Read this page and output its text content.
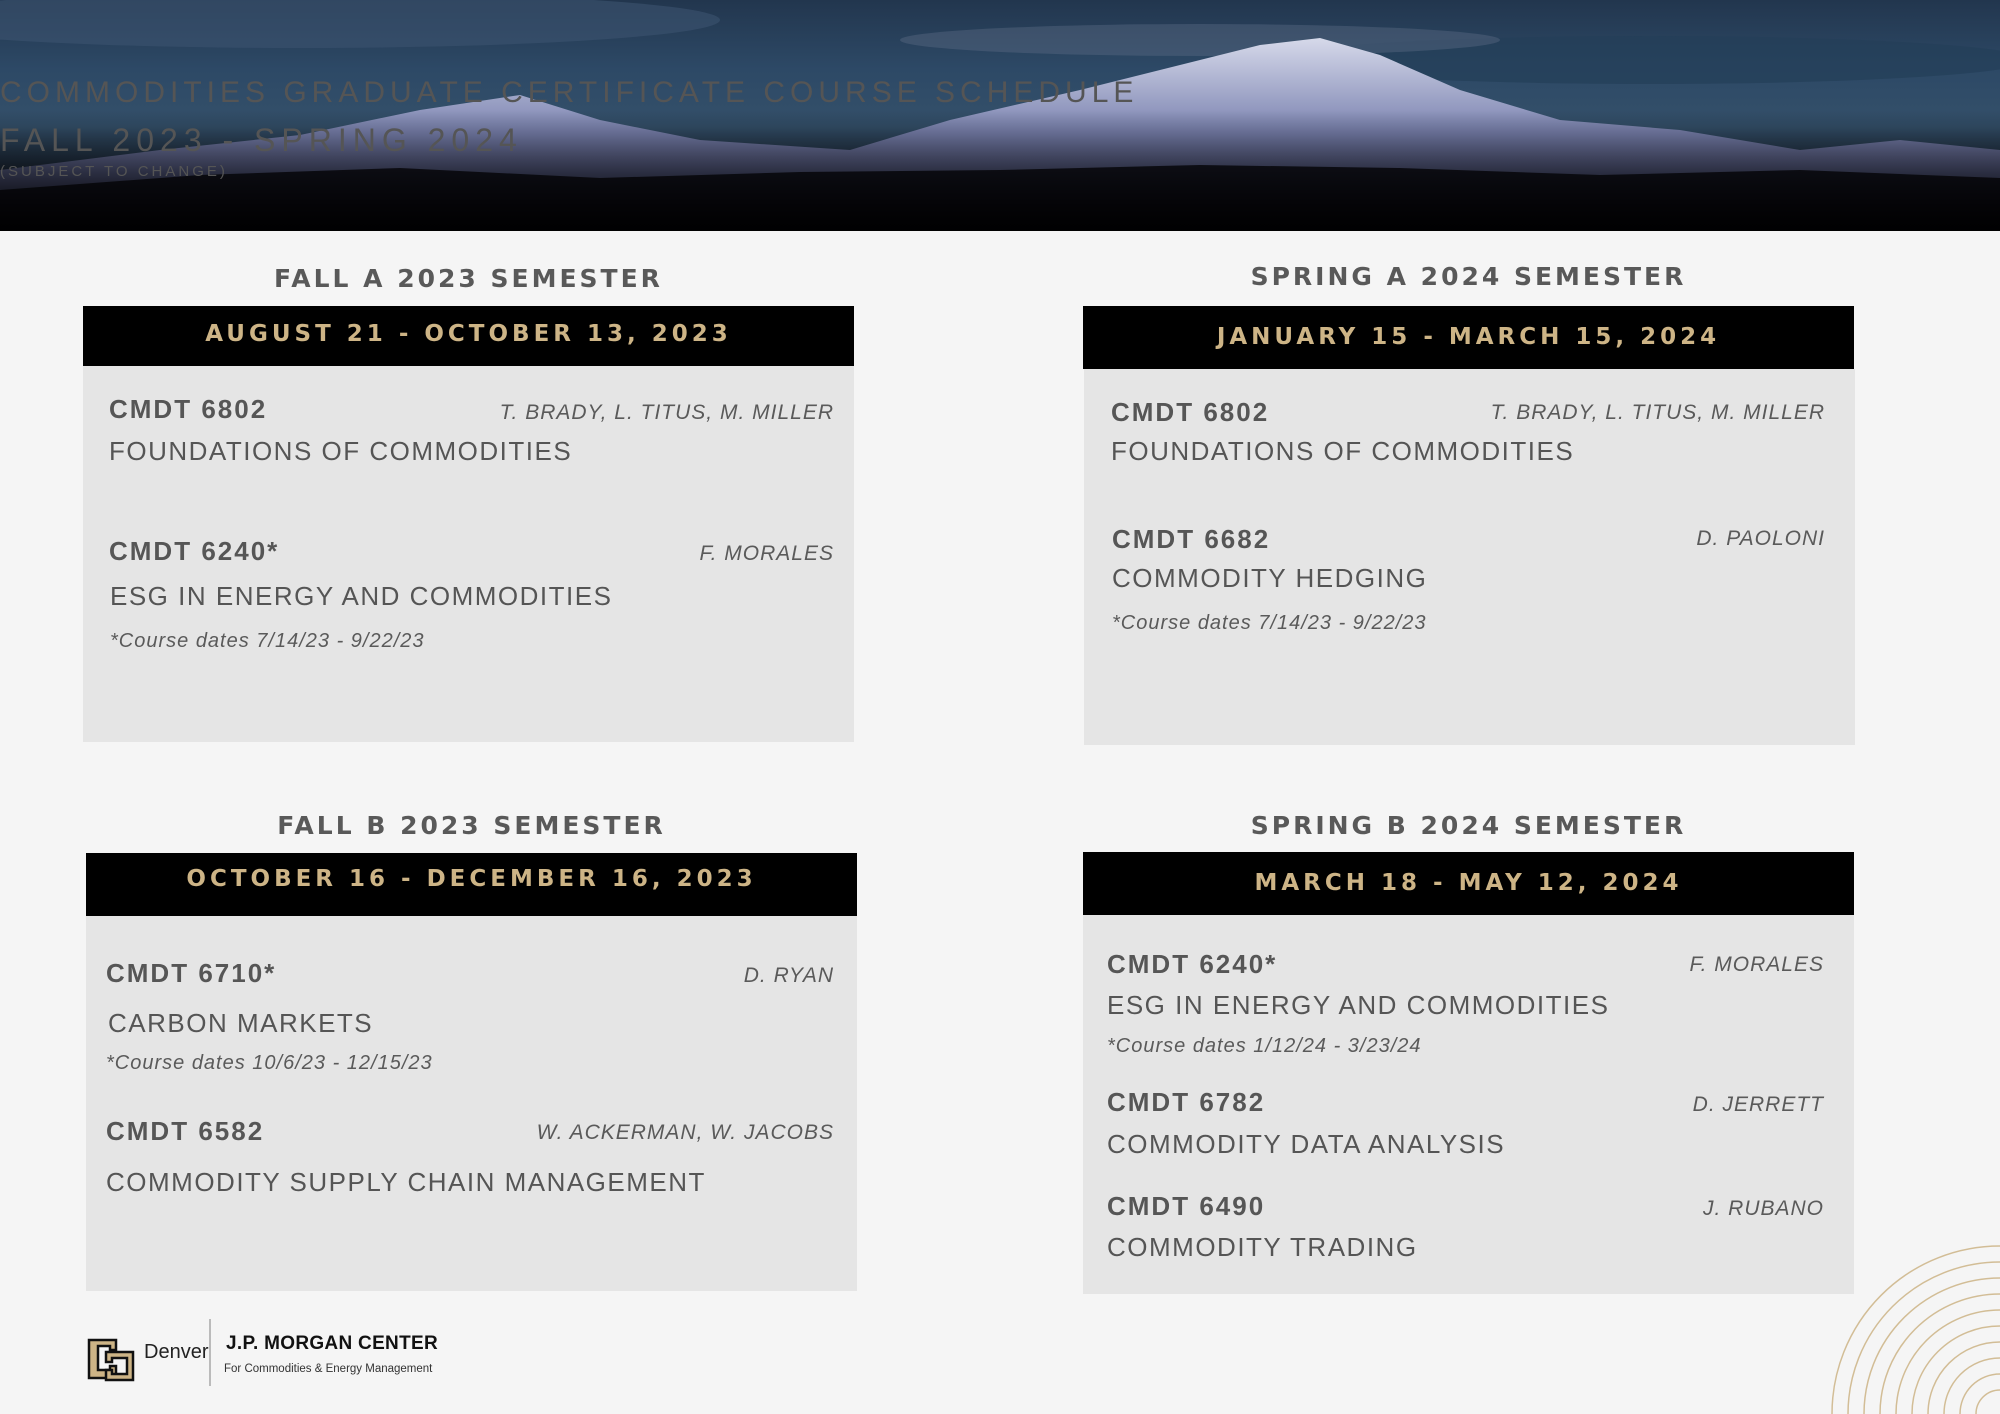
COMMODITIES GRADUATE CERTIFICATE COURSE SCHEDULE
FALL 2023 - SPRING 2024
(SUBJECT TO CHANGE)
FALL A 2023 SEMESTER
AUGUST 21 - OCTOBER 13, 2023
CMDT 6802	T. BRADY, L. TITUS, M. MILLER
FOUNDATIONS OF COMMODITIES
CMDT 6240*	F. MORALES
ESG IN ENERGY AND COMMODITIES
*Course dates 7/14/23 - 9/22/23
SPRING A 2024 SEMESTER
JANUARY 15 - MARCH 15, 2024
CMDT 6802	T. BRADY, L. TITUS, M. MILLER
FOUNDATIONS OF COMMODITIES
CMDT 6682	D. PAOLONI
COMMODITY HEDGING
*Course dates 7/14/23 - 9/22/23
FALL B 2023 SEMESTER
OCTOBER 16 - DECEMBER 16, 2023
CMDT 6710*	D. RYAN
CARBON MARKETS
*Course dates 10/6/23 - 12/15/23
CMDT 6582	W. ACKERMAN, W. JACOBS
COMMODITY SUPPLY CHAIN MANAGEMENT
SPRING B 2024 SEMESTER
MARCH 18 - MAY 12, 2024
CMDT 6240*	F. MORALES
ESG IN ENERGY AND COMMODITIES
*Course dates 1/12/24 - 3/23/24
CMDT 6782	D. JERRETT
COMMODITY DATA ANALYSIS
CMDT 6490	J. RUBANO
COMMODITY TRADING
Denver J.P. MORGAN CENTER
For Commodities & Energy Management
